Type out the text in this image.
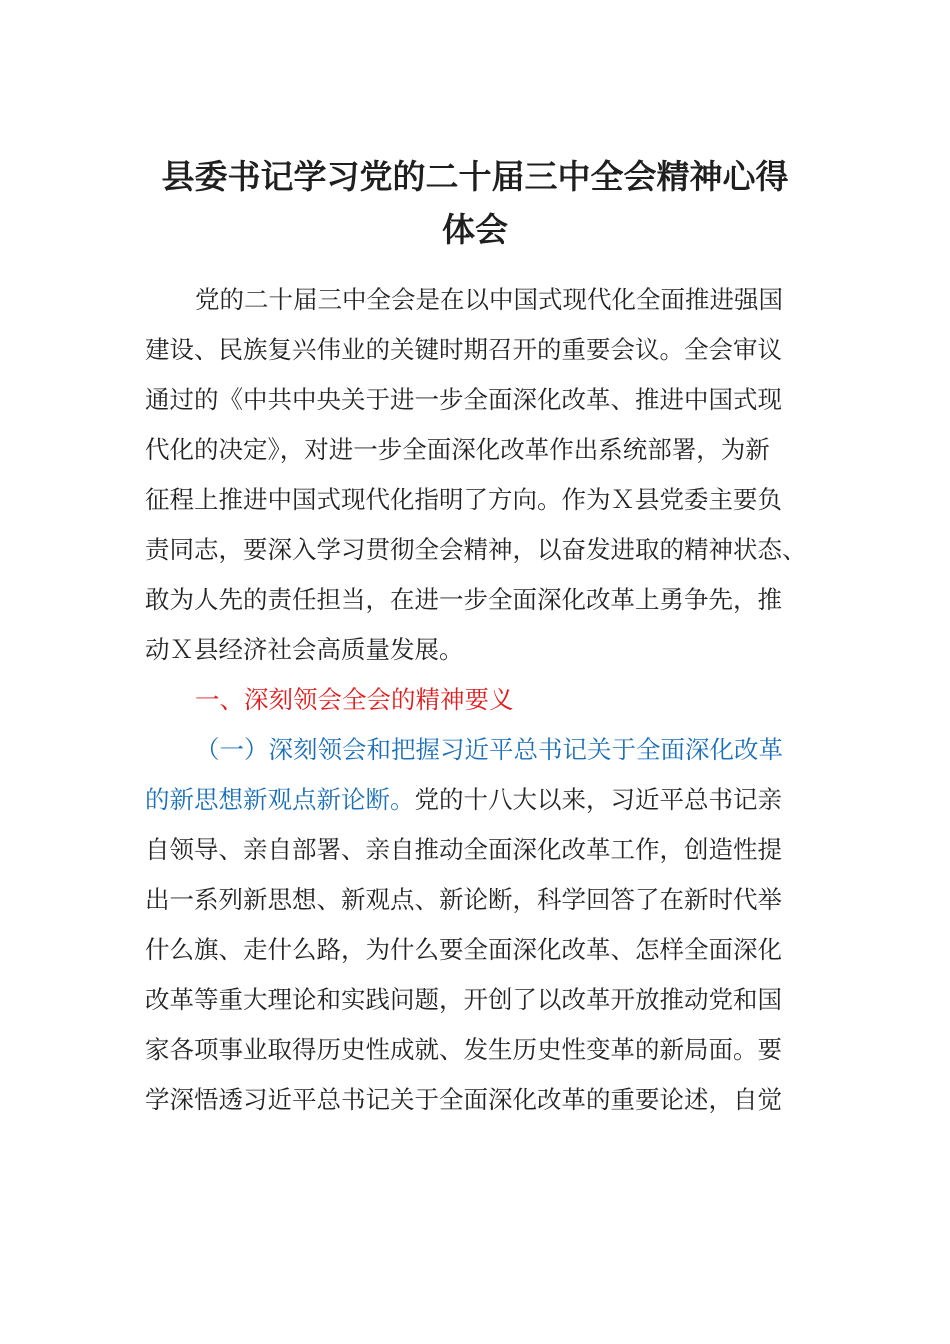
县委书记学习党的二十届三中全会精神心得
体会
党的二十届三中全会是在以中国式现代化全面推进强国
建设、民族复兴伟业的关键时期召开的重要会议。全会审议
通过的《中共中央关于进一步全面深化改革、推进中国式现
代化的决定》，对进一步全面深化改革作出系统部署，为新
征程上推进中国式现代化指明了方向。作为Ｘ县党委主要负
责同志，要深入学习贯彻全会精神，以奋发进取的精神状态、
敢为人先的责任担当，在进一步全面深化改革上勇争先，推
动Ｘ县经济社会高质量发展。
一、深刻领会全会的精神要义
（一）深刻领会和把握习近平总书记关于全面深化改革
的新思想新观点新论断。党的十八大以来，习近平总书记亲
自领导、亲自部署、亲自推动全面深化改革工作，创造性提
出一系列新思想、新观点、新论断，科学回答了在新时代举
什么旗、走什么路，为什么要全面深化改革、怎样全面深化
改革等重大理论和实践问题，开创了以改革开放推动党和国
家各项事业取得历史性成就、发生历史性变革的新局面。要
学深悟透习近平总书记关于全面深化改革的重要论述，自觉
